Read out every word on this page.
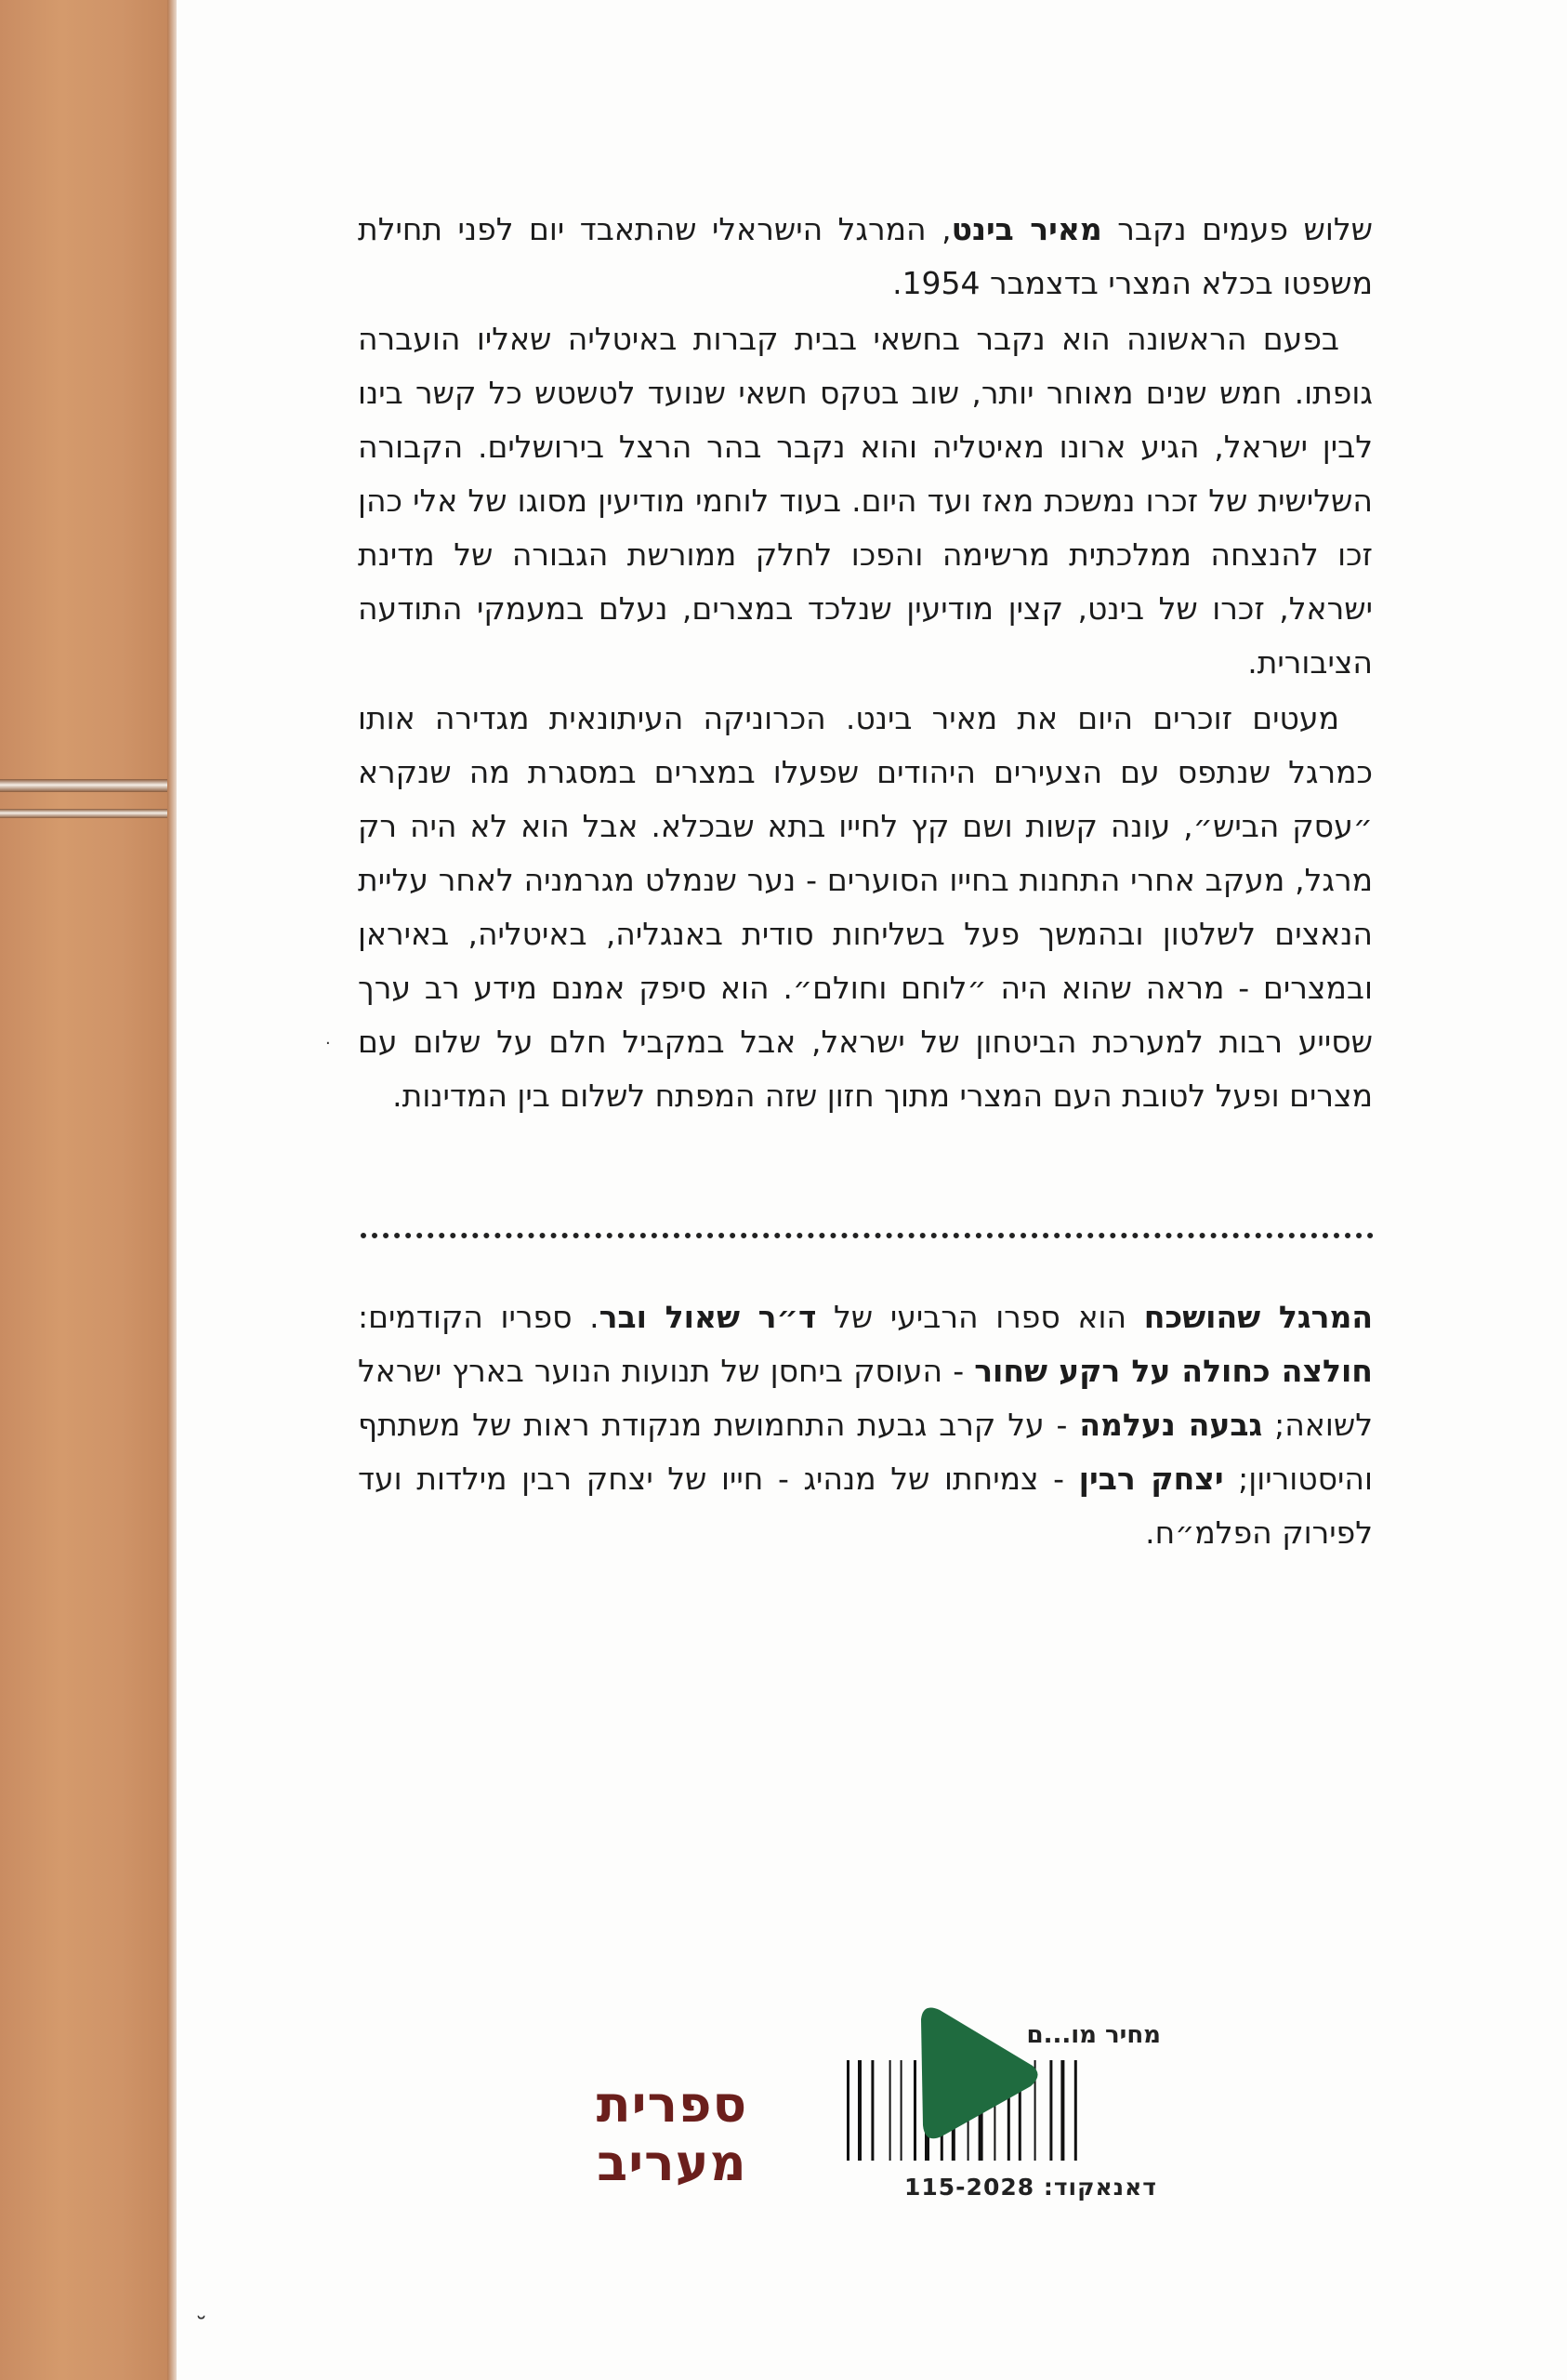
שלוש פעמים נקבר מאיר בינט, המרגל הישראלי שהתאבד יום לפני תחילת משפטו בכלא המצרי בדצמבר 1954.

בפעם הראשונה הוא נקבר בחשאי בבית קברות באיטליה שאליו הועברה גופתו. חמש שנים מאוחר יותר, שוב בטקס חשאי שנועד לטשטש כל קשר בינו לבין ישראל, הגיע ארונו מאיטליה והוא נקבר בהר הרצל בירושלים. הקבורה השלישית של זכרו נמשכת מאז ועד היום. בעוד לוחמי מודיעין מסוגו של אלי כהן זכו להנצחה ממלכתית מרשימה והפכו לחלק ממורשת הגבורה של מדינת ישראל, זכרו של בינט, קצין מודיעין שנלכד במצרים, נעלם במעמקי התודעה הציבורית.

מעטים זוכרים היום את מאיר בינט. הכרוניקה העיתונאית מגדירה אותו כמרגל שנתפס עם הצעירים היהודים שפעלו במצרים במסגרת מה שנקרא ״עסק הביש״, עונה קשות ושם קץ לחייו בתא שבכלא. אבל הוא לא היה רק מרגל, מעקב אחרי התחנות בחייו הסוערים - נער שנמלט מגרמניה לאחר עליית הנאצים לשלטון ובהמשך פעל בשליחות סודית באנגליה, באיטליה, באיראן ובמצרים - מראה שהוא היה ״לוחם וחולם״. הוא סיפק אמנם מידע רב ערך שסייע רבות למערכת הביטחון של ישראל, אבל במקביל חלם על שלום עם מצרים ופעל לטובת העם המצרי מתוך חזון שזה המפתח לשלום בין המדינות.

המרגל שהושכח הוא ספרו הרביעי של ד״ר שאול ובר. ספריו הקודמים: חולצה כחולה על רקע שחור - העוסק ביחסן של תנועות הנוער בארץ ישראל לשואה; גבעה נעלמה - על קרב גבעת התחמושת מנקודת ראות של משתתף והיסטוריון; יצחק רבין - צמיחתו של מנהיג - חייו של יצחק רבין מילדות ועד לפירוק הפלמ״ח.
ספרית מעריב
מחיר מו...ם
דאנאקוד: 115-2028
˘
·
